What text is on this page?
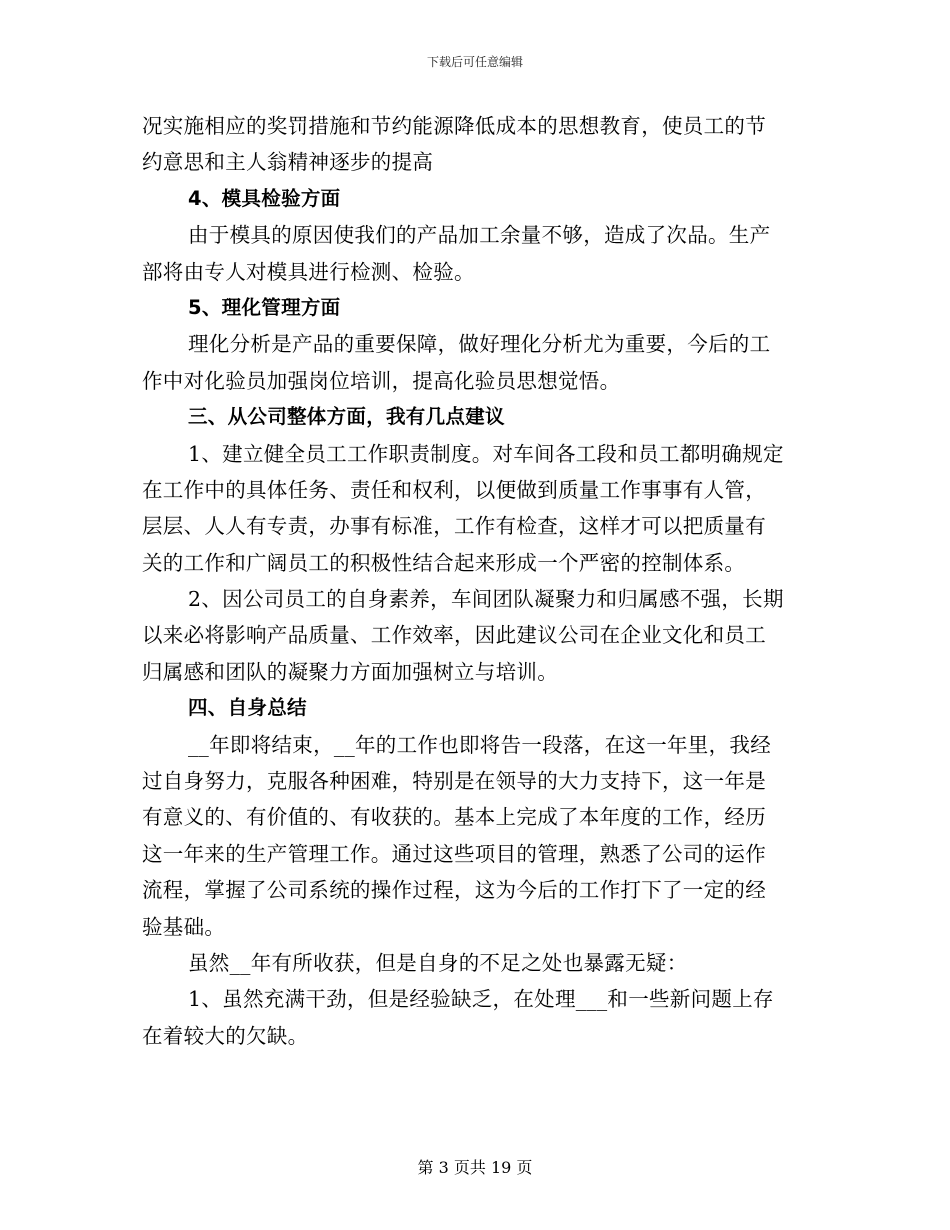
下载后可任意编辑
况实施相应的奖罚措施和节约能源降低成本的思想教育，使员工的节
约意思和主人翁精神逐步的提高
4、模具检验方面
由于模具的原因使我们的产品加工余量不够，造成了次品。生产
部将由专人对模具进行检测、检验。
5、理化管理方面
理化分析是产品的重要保障，做好理化分析尤为重要，今后的工
作中对化验员加强岗位培训，提高化验员思想觉悟。
三、从公司整体方面，我有几点建议
1、建立健全员工工作职责制度。对车间各工段和员工都明确规定
在工作中的具体任务、责任和权利，以便做到质量工作事事有人管，
层层、人人有专责，办事有标准，工作有检查，这样才可以把质量有
关的工作和广阔员工的积极性结合起来形成一个严密的控制体系。
2、因公司员工的自身素养，车间团队凝聚力和归属感不强，长期
以来必将影响产品质量、工作效率，因此建议公司在企业文化和员工
归属感和团队的凝聚力方面加强树立与培训。
四、自身总结
__年即将结束，__年的工作也即将告一段落，在这一年里，我经
过自身努力，克服各种困难，特别是在领导的大力支持下，这一年是
有意义的、有价值的、有收获的。基本上完成了本年度的工作，经历
这一年来的生产管理工作。通过这些项目的管理，熟悉了公司的运作
流程，掌握了公司系统的操作过程，这为今后的工作打下了一定的经
验基础。
虽然__年有所收获，但是自身的不足之处也暴露无疑：
1、虽然充满干劲，但是经验缺乏，在处理___和一些新问题上存
在着较大的欠缺。
第 3 页共 19 页
